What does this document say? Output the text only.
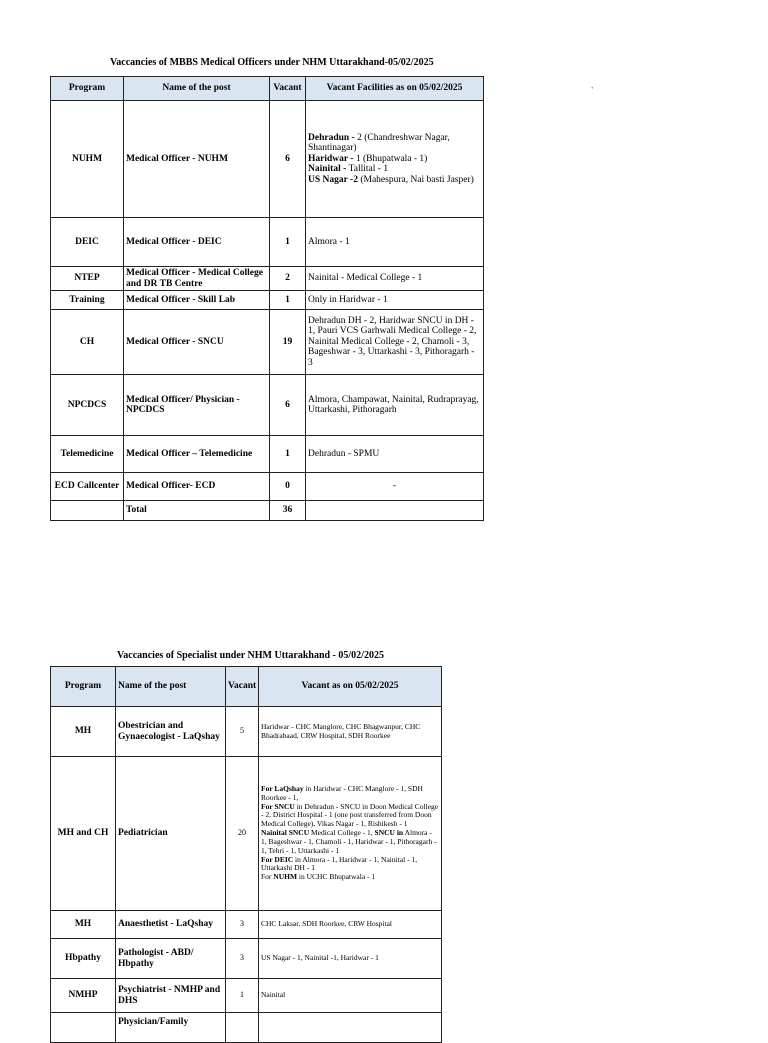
Vaccancies of MBBS Medical Officers under NHM Uttarakhand-05/02/2025
`
Program	Name of the post	Vacant	Vacant Facilities as on 05/02/2025
NUHM	Medical Officer - NUHM	6	Dehradun - 2 (Chandreshwar Nagar, Shantinagar)
Haridwar - 1 (Bhupatwala - 1)
Nainital - Tallital - 1
US Nagar -2 (Mahespura, Nai basti Jasper)

DEIC	Medical Officer - DEIC	1	Almora - 1
NTEP	Medical Officer - Medical College and DR TB Centre	2	Nainital - Medical College - 1
Training	Medical Officer - Skill Lab	1	Only in Haridwar - 1
CH	Medical Officer - SNCU	19	Dehradun DH - 2, Haridwar SNCU in DH - 1, Pauri VCS Garhwali Medical College - 2, Nainital Medical College - 2, Chamoli - 3, Bageshwar - 3, Uttarkashi - 3, Pithoragarh - 3
NPCDCS	Medical Officer/ Physician - NPCDCS	6	Almora, Champawat, Nainital, Rudraprayag, Uttarkashi, Pithoragarh
Telemedicine	Medical Officer – Telemedicine	1	Dehradun - SPMU
ECD Callcenter	Medical Officer- ECD	0	-
	Total	36	
Vaccancies of Specialist under NHM Uttarakhand - 05/02/2025
Program	Name of the post	Vacant	Vacant as on 05/02/2025
MH	Obestrician and Gynaecologist - LaQshay	5	Haridwar - CHC Manglore, CHC Bhagwanpur, CHC Bhadrabaad, CRW Hospital, SDH Roorkee
MH and CH	Pediatrician	20	For LaQshay in Haridwar - CHC Manglore - 1, SDH Roorkee - 1,
For SNCU in Dehradun - SNCU in Doon Medical College - 2, District Hospital - 1 (one post transferred from Doon Medical College), Vikas Nagar - 1, Rishikesh - 1
Nainital SNCU Medical College - 1, SNCU in Almora - 1, Bageshwar - 1, Chamoli - 1, Haridwar - 1, Pithoragarh - 1, Tehri - 1, Uttarkashi - 1
For DEIC in Almora - 1, Haridwar - 1, Nainital - 1, Uttarkashi DH - 1
For NUHM in UCHC Bhupatwala - 1

MH	Anaesthetist - LaQshay	3	CHC Laksar, SDH Roorkee, CRW Hospital
Hbpathy	Pathologist - ABD/ Hbpathy	3	US Nagar - 1, Nainital -1, Haridwar - 1
NMHP	Psychiatrist - NMHP and DHS	1	Nainital
	Physician/Family		
